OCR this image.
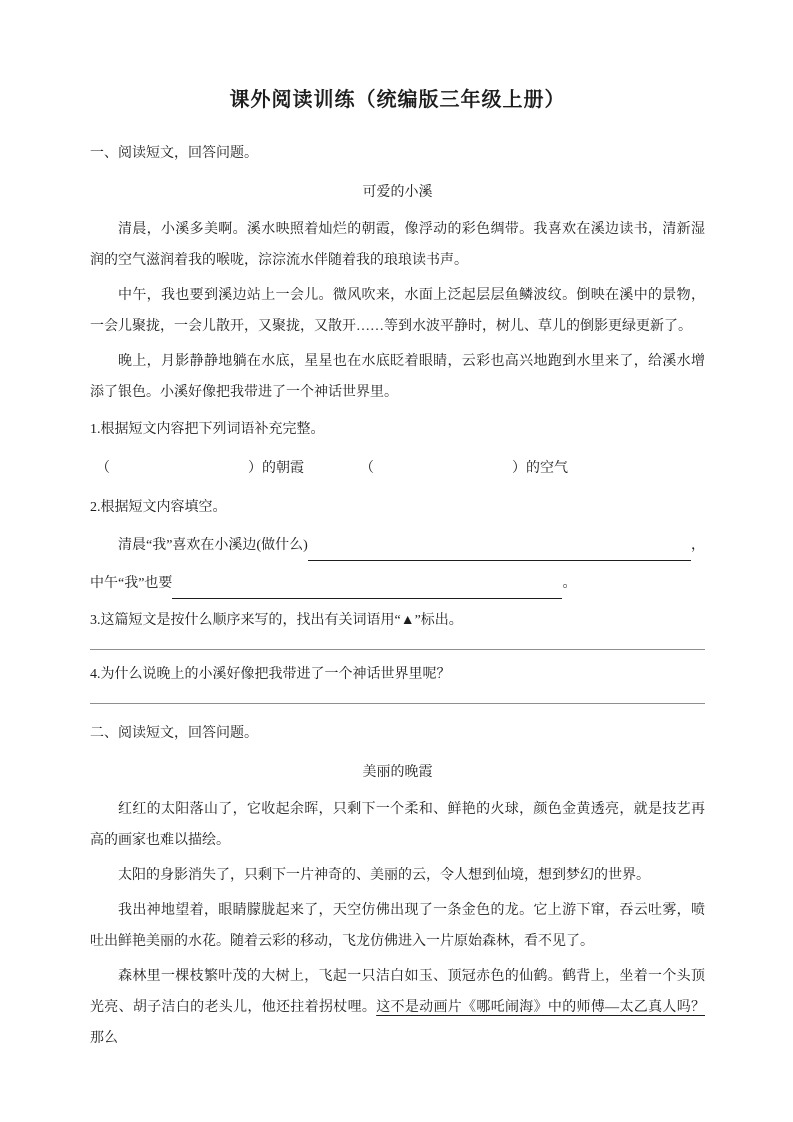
课外阅读训练（统编版三年级上册）

一、阅读短文，回答问题。

可爱的小溪

清晨，小溪多美啊。溪水映照着灿烂的朝霞，像浮动的彩色绸带。我喜欢在溪边读书，清新湿润的空气滋润着我的喉咙，淙淙流水伴随着我的琅琅读书声。

中午，我也要到溪边站上一会儿。微风吹来，水面上泛起层层鱼鳞波纹。倒映在溪中的景物，一会儿聚拢，一会儿散开，又聚拢，又散开……等到水波平静时，树儿、草儿的倒影更绿更新了。

晚上，月影静静地躺在水底，星星也在水底眨着眼睛，云彩也高兴地跑到水里来了，给溪水增添了银色。小溪好像把我带进了一个神话世界里。

1.根据短文内容把下列词语补充完整。

（	）的朝霞	（	）的空气

2.根据短文内容填空。

清晨“我”喜欢在小溪边(做什么)	，
中午“我”也要	。

3.这篇短文是按什么顺序来写的，找出有关词语用“▲”标出。

4.为什么说晚上的小溪好像把我带进了一个神话世界里呢？

二、阅读短文，回答问题。

美丽的晚霞

红红的太阳落山了，它收起余晖，只剩下一个柔和、鲜艳的火球，颜色金黄透亮，就是技艺再高的画家也难以描绘。

太阳的身影消失了，只剩下一片神奇的、美丽的云，令人想到仙境，想到梦幻的世界。

我出神地望着，眼睛朦胧起来了，天空仿佛出现了一条金色的龙。它上游下窜，吞云吐雾，喷吐出鲜艳美丽的水花。随着云彩的移动，飞龙仿佛进入一片原始森林，看不见了。

森林里一棵枝繁叶茂的大树上，飞起一只洁白如玉、顶冠赤色的仙鹤。鹤背上，坐着一个头顶光亮、胡子洁白的老头儿，他还拄着拐杖哩。这不是动画片《哪吒闹海》中的师傅—太乙真人吗？那么
